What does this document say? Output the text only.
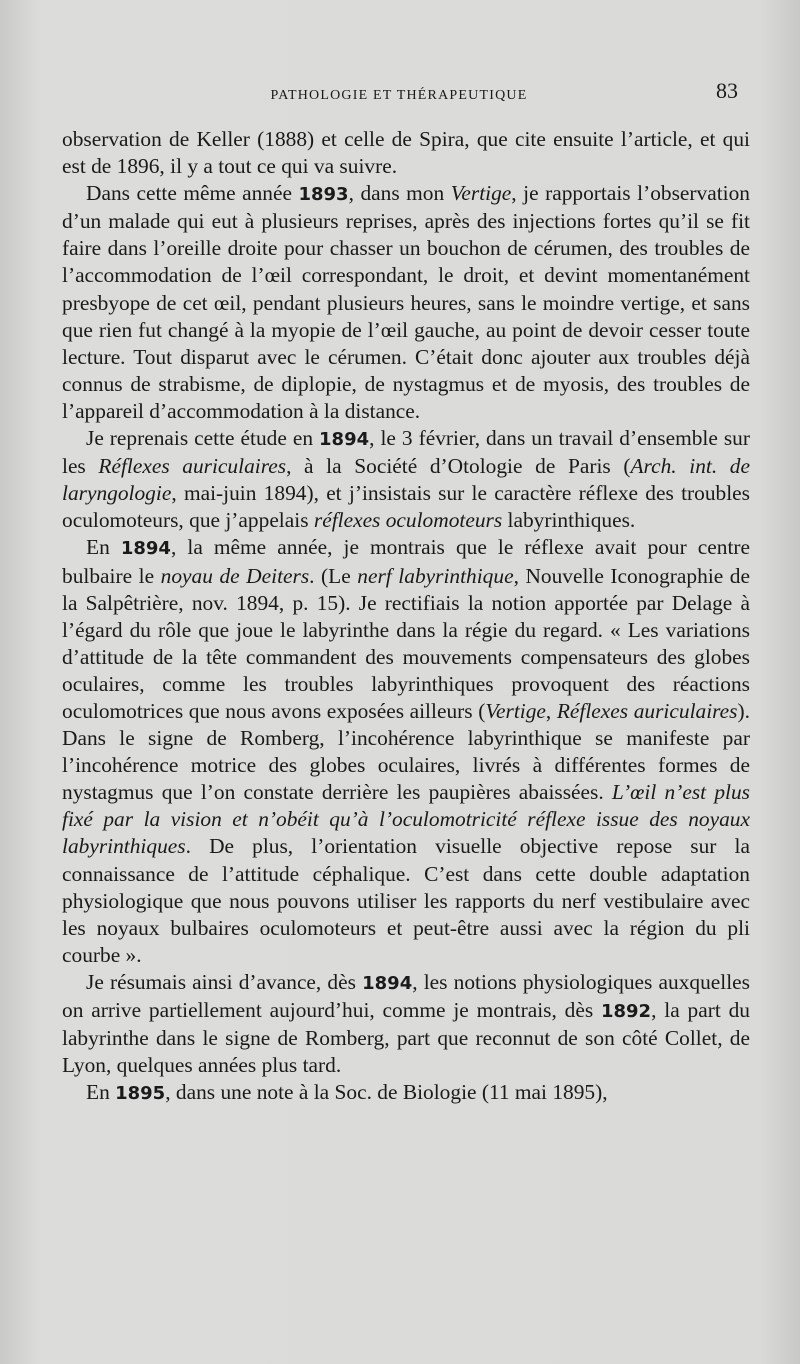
PATHOLOGIE ET THÉRAPEUTIQUE	83

observation de Keller (1888) et celle de Spira, que cite ensuite l’article, et qui est de 1896, il y a tout ce qui va suivre.

Dans cette même année 1893, dans mon Vertige, je rapportais l’observation d’un malade qui eut à plusieurs reprises, après des injections fortes qu’il se fit faire dans l’oreille droite pour chasser un bouchon de cérumen, des troubles de l’accommodation de l’œil correspondant, le droit, et devint momentanément presbyope de cet œil, pendant plusieurs heures, sans le moindre vertige, et sans que rien fut changé à la myopie de l’œil gauche, au point de devoir cesser toute lecture. Tout disparut avec le cérumen. C’était donc ajouter aux troubles déjà connus de strabisme, de diplopie, de nystagmus et de myosis, des troubles de l’appareil d’accommodation à la distance.

Je reprenais cette étude en 1894, le 3 février, dans un travail d’ensemble sur les Réflexes auriculaires, à la Société d’Otologie de Paris (Arch. int. de laryngologie, mai-juin 1894), et j’insistais sur le caractère réflexe des troubles oculomoteurs, que j’appelais réflexes oculomoteurs labyrinthiques.

En 1894, la même année, je montrais que le réflexe avait pour centre bulbaire le noyau de Deiters. (Le nerf labyrinthique, Nouvelle Iconographie de la Salpêtrière, nov. 1894, p. 15). Je rectifiais la notion apportée par Delage à l’égard du rôle que joue le labyrinthe dans la régie du regard. « Les variations d’attitude de la tête commandent des mouvements compensateurs des globes oculaires, comme les troubles labyrinthiques provoquent des réactions oculomotrices que nous avons exposées ailleurs (Vertige, Réflexes auriculaires). Dans le signe de Romberg, l’incohérence labyrinthique se manifeste par l’incohérence motrice des globes oculaires, livrés à différentes formes de nystagmus que l’on constate derrière les paupières abaissées. L’œil n’est plus fixé par la vision et n’obéit qu’à l’oculomotricité réflexe issue des noyaux labyrinthiques. De plus, l’orientation visuelle objective repose sur la connaissance de l’attitude céphalique. C’est dans cette double adaptation physiologique que nous pouvons utiliser les rapports du nerf vestibulaire avec les noyaux bulbaires oculomoteurs et peut-être aussi avec la région du pli courbe ».

Je résumais ainsi d’avance, dès 1894, les notions physiologiques auxquelles on arrive partiellement aujourd’hui, comme je montrais, dès 1892, la part du labyrinthe dans le signe de Romberg, part que reconnut de son côté Collet, de Lyon, quelques années plus tard.

En 1895, dans une note à la Soc. de Biologie (11 mai 1895),
